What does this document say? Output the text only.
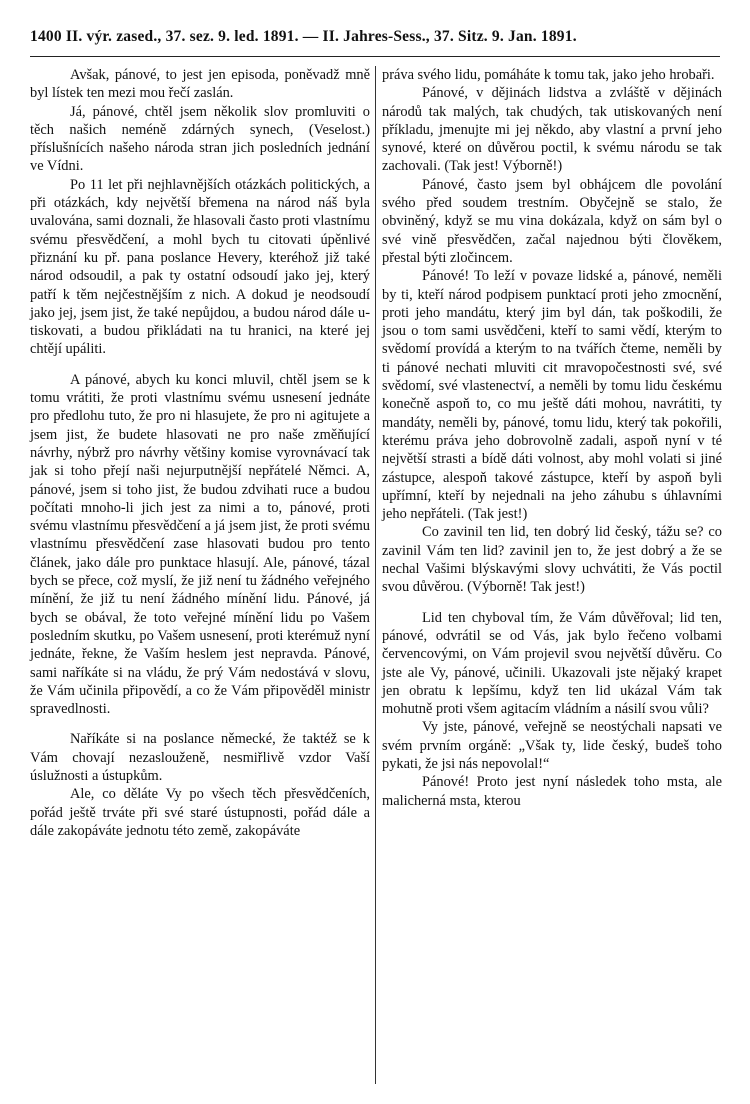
1400 II. výr. zased., 37. sez. 9. led. 1891. — II. Jahres-Sess., 37. Sitz. 9. Jan. 1891.

Avšak, pánové, to jest jen episoda, poněvadž mně byl lístek ten mezi mou řečí zaslán.

Já, pánové, chtěl jsem několik slov promluviti o těch našich neméně zdárných synech, (Veselost.) příslušnících našeho národa stran jich posledních jednání ve Vídni.

Po 11 let při nejhlavnějších otázkách politických, a při otázkách, kdy největší břemena na národ náš byla uvalována, sami doznali, že hlasovali často proti vlastnímu svému přesvědčení, a mohl bych tu citovati úpěnlivé přiznání ku př. pana poslance Hevery, kteréhož již také národ odsoudil, a pak ty ostatní odsoudí jako jej, který patří k těm nejčestnějším z nich. A dokud je neodsoudí jako jej, jsem jist, že také nepůjdou, a budou národ dále u- tiskovati, a budou přikládati na tu hranici, na které jej chtějí upáliti.

A pánové, abych ku konci mluvil, chtěl jsem se k tomu vrátiti, že proti vlastnímu svému usnesení jednáte pro předlohu tuto, že pro ni hlasujete, že pro ni agitujete a jsem jist, že budete hlasovati ne pro naše změňující návrhy, nýbrž pro návrhy většiny komise vyrovnávací tak jak si toho přejí naši nejurputnější nepřátelé Němci. A, pánové, jsem si toho jist, že budou zdvihati ruce a budou počítati mnoho-li jich jest za nimi a to, pánové, proti svému vlastnímu přesvědčení a já jsem jist, že proti svému vlastnímu přesvědčení zase hlasovati budou pro tento článek, jako dále pro punktace hlasují. Ale, pánové, tázal bych se přece, což myslí, že již není tu žádného veřejného mínění, že již tu není žádného mínění lidu. Pánové, já bych se obával, že toto veřejné mínění lidu po Vašem posledním skutku, po Vašem usnesení, proti kterémuž nyní jednáte, řekne, že Vaším heslem jest nepravda. Pánové, sami naříkáte si na vládu, že prý Vám nedostává v slovu, že Vám učinila připovědí, a co že Vám připověděl ministr spravedlnosti.

Naříkáte si na poslance německé, že taktéž se k Vám chovají nezaslouženě, nesmiřlivě vzdor Vaší úslužnosti a ústupkům.

Ale, co děláte Vy po všech těch přesvědčeních, pořád ještě trváte při své staré ústupnosti, pořád dále a dále zakopáváte jednotu této země, zakopáváte

práva svého lidu, pomáháte k tomu tak, jako jeho hrobaři.

Pánové, v dějinách lidstva a zvláště v dějinách národů tak malých, tak chudých, tak utiskovaných není příkladu, jmenujte mi jej někdo, aby vlastní a první jeho synové, které on důvěrou poctil, k svému národu se tak zachovali. (Tak jest! Výborně!)

Pánové, často jsem byl obhájcem dle povolání svého před soudem trestním. Obyčejně se stalo, že obviněný, když se mu vina dokázala, když on sám byl o své vině přesvědčen, začal najednou býti člověkem, přestal býti zločincem.

Pánové! To leží v povaze lidské a, pánové, neměli by ti, kteří národ podpisem punktací proti jeho zmocnění, proti jeho mandátu, který jim byl dán, tak poškodili, že jsou o tom sami usvědčeni, kteří to sami vědí, kterým to svědomí provídá a kterým to na tvářích čteme, neměli by ti pánové nechati mluviti cit mravopočestnosti své, své svědomí, své vlastenectví, a neměli by tomu lidu českému konečně aspoň to, co mu ještě dáti mohou, navrátiti, ty mandáty, neměli by, pánové, tomu lidu, který tak pokořili, kterému práva jeho dobrovolně zadali, aspoň nyní v té největší strasti a bídě dáti volnost, aby mohl volati si jiné zástupce, alespoň takové zástupce, kteří by aspoň byli upřímní, kteří by nejednali na jeho záhubu s úhlavními jeho nepřáteli. (Tak jest!)

Co zavinil ten lid, ten dobrý lid český, tážu se? co zavinil Vám ten lid? zavinil jen to, že jest dobrý a že se nechal Vašimi blýskavými slovy uchvátiti, že Vás poctil svou důvěrou. (Výborně! Tak jest!)

Lid ten chyboval tím, že Vám důvěřoval; lid ten, pánové, odvrátil se od Vás, jak bylo řečeno volbami červencovými, on Vám projevil svou největší důvěru. Co jste ale Vy, pánové, učinili. Ukazovali jste nějaký krapet jen obratu k lepšímu, když ten lid ukázal Vám tak mohutně proti všem agitacím vládním a násilí svou vůli?

Vy jste, pánové, veřejně se neostýchali napsati ve svém prvním orgáně: „Však ty, lide český, budeš toho pykati, že jsi nás nepovolal!“

Pánové! Proto jest nyní následek toho msta, ale malicherná msta, kterou
